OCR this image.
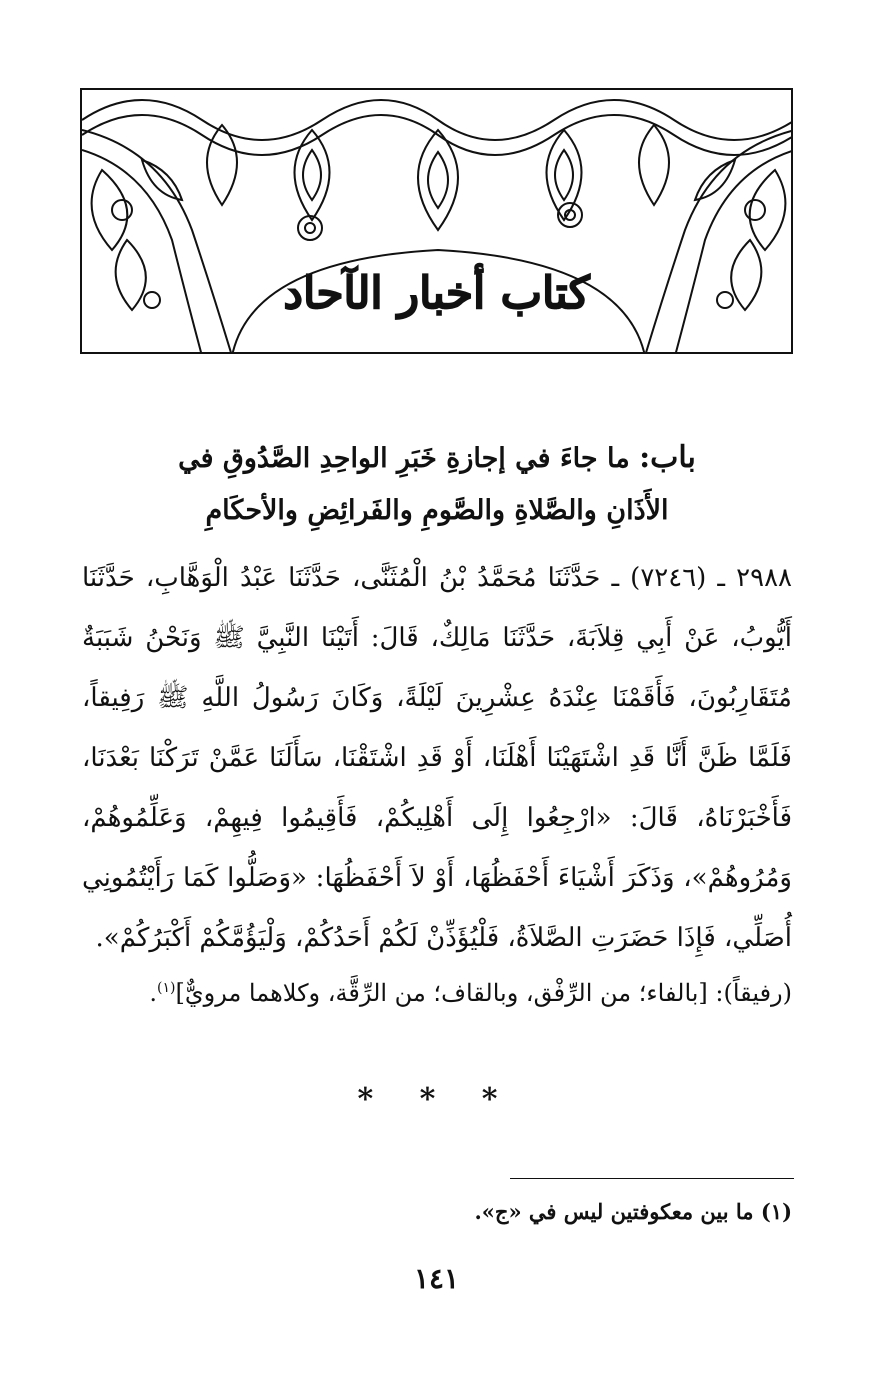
كتاب أخبار الآحاد
باب: ما جاءَ في إجازةِ خَبَرِ الواحِدِ الصَّدُوقِ في
الأَذَانِ والصَّلاةِ والصَّومِ والفَرائِضِ والأحكَامِ

٢٩٨٨ ـ (٧٢٤٦) ـ حَدَّثَنَا مُحَمَّدُ بْنُ الْمُثَنَّى، حَدَّثَنَا عَبْدُ الْوَهَّابِ، حَدَّثَنَا أَيُّوبُ، عَنْ أَبِي قِلاَبَةَ، حَدَّثَنَا مَالِكٌ، قَالَ: أَتَيْنَا النَّبِيَّ ﷺ وَنَحْنُ شَبَبَةٌ مُتَقَارِبُونَ، فَأَقَمْنَا عِنْدَهُ عِشْرِينَ لَيْلَةً، وَكَانَ رَسُولُ اللَّهِ ﷺ رَفِيقاً، فَلَمَّا ظَنَّ أَنَّا قَدِ اشْتَهَيْنَا أَهْلَنَا، أَوْ قَدِ اشْتَقْنَا، سَأَلَنَا عَمَّنْ تَرَكْنَا بَعْدَنَا، فَأَخْبَرْنَاهُ، قَالَ: «ارْجِعُوا إِلَى أَهْلِيكُمْ، فَأَقِيمُوا فِيهِمْ، وَعَلِّمُوهُمْ، وَمُرُوهُمْ»، وَذَكَرَ أَشْيَاءَ أَحْفَظُهَا، أَوْ لاَ أَحْفَظُهَا: «وَصَلُّوا كَمَا رَأَيْتُمُونِي أُصَلِّي، فَإِذَا حَضَرَتِ الصَّلاَةُ، فَلْيُؤَذِّنْ لَكُمْ أَحَدُكُمْ، وَلْيَؤُمَّكُمْ أَكْبَرُكُمْ».

(رفيقاً): [بالفاء؛ من الرِّفْق، وبالقاف؛ من الرِّقَّة، وكلاهما مرويٌّ]$^{(١)}$.
* * *
(١) ما بين معكوفتين ليس في «ج».
١٤١
